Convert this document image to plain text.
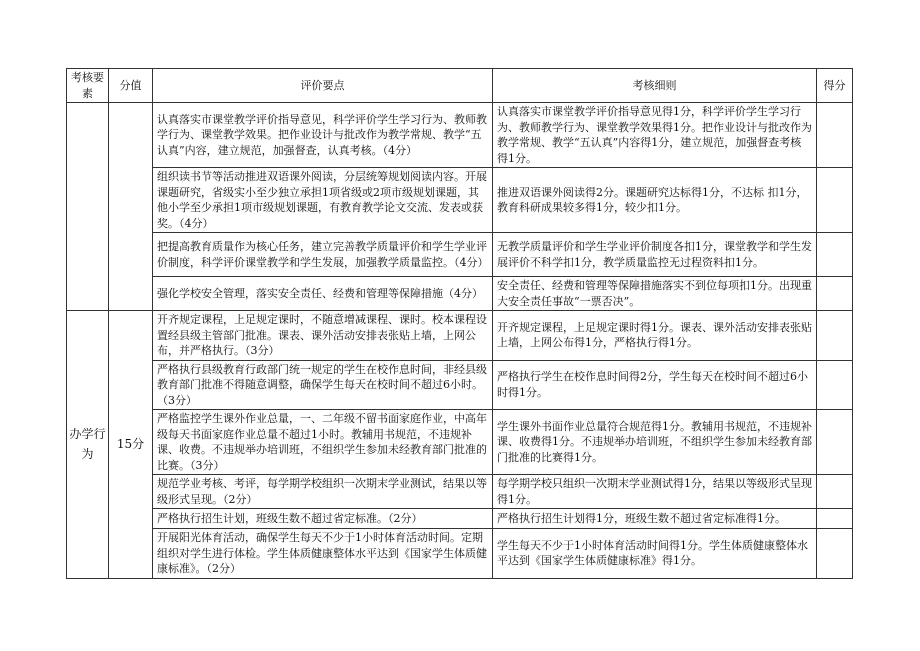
考核要素	分值	评价要点	考核细则	得分
		认真落实市课堂教学评价指导意见，科学评价学生学习行为、教师教学行为、课堂教学效果。把作业设计与批改作为教学常规、教学“五认真”内容，建立规范，加强督查，认真考核。（4分）	认真落实市课堂教学评价指导意见得1分，科学评价学生学习行为、教师教学行为、课堂教学效果得1分。把作业设计与批改作为教学常规、教学“五认真”内容得1分，建立规范，加强督查考核得1分。	
		组织读书节等活动推进双语课外阅读，分层统筹规划阅读内容。开展课题研究，省级实小至少独立承担1项省级或2项市级规划课题，其他小学至少承担1项市级规划课题，有教育教学论文交流、发表或获奖。（4分）	推进双语课外阅读得2分。课题研究达标得1分，不达标 扣1分，教育科研成果较多得1分，较少扣1分。	
		把提高教育质量作为核心任务，建立完善教学质量评价和学生学业评价制度，科学评价课堂教学和学生发展，加强教学质量监控。（4分）	无教学质量评价和学生学业评价制度各扣1分，课堂教学和学生发展评价不科学扣1分，教学质量监控无过程资料扣1分。	
		强化学校安全管理，落实安全责任、经费和管理等保障措施（4分）	安全责任、经费和管理等保障措施落实不到位每项扣1分。出现重大安全责任事故“一票否决”。	
办学行为	15分	开齐规定课程，上足规定课时，不随意增减课程、课时。校本课程设置经县级主管部门批准。课表、课外活动安排表张贴上墙，上网公布，并严格执行。（3分）	开齐规定课程，上足规定课时得1分。课表、课外活动安排表张贴上墙，上网公布得1分，严格执行得1分。	
		严格执行县级教育行政部门统一规定的学生在校作息时间，非经县级教育部门批准不得随意调整，确保学生每天在校时间不超过6小时。（3分）	严格执行学生在校作息时间得2分，学生每天在校时间不超过6小时得1分。	
		严格监控学生课外作业总量，一、二年级不留书面家庭作业，中高年级每天书面家庭作业总量不超过1小时。教辅用书规范，不违规补课、收费。不违规举办培训班，不组织学生参加未经教育部门批准的比赛。（3分）	学生课外书面作业总量符合规范得1分。教辅用书规范，不违规补课、收费得1分。不违规举办培训班，不组织学生参加未经教育部门批准的比赛得1分。	
		规范学业考核、考评，每学期学校组织一次期末学业测试，结果以等级形式呈现。（2分）	每学期学校只组织一次期末学业测试得1分，结果以等级形式呈现得1分。	
		严格执行招生计划，班级生数不超过省定标准。（2分）	严格执行招生计划得1分，班级生数不超过省定标准得1分。	
		开展阳光体育活动，确保学生每天不少于1小时体育活动时间。定期组织对学生进行体检。学生体质健康整体水平达到《国家学生体质健康标准》。（2分）	学生每天不少于1小时体育活动时间得1分。学生体质健康整体水平达到《国家学生体质健康标准》得1分。	
